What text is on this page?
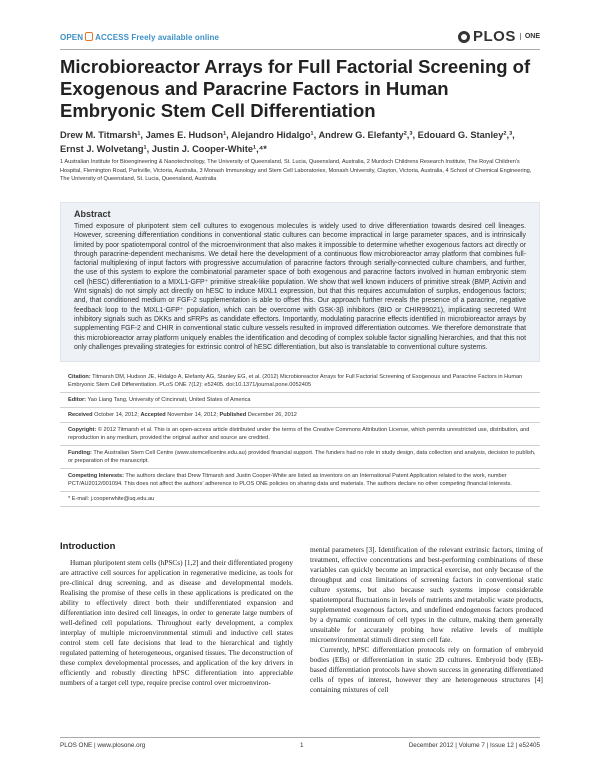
OPEN ACCESS Freely available online	PLOS	ONE
Microbioreactor Arrays for Full Factorial Screening of Exogenous and Paracrine Factors in Human Embryonic Stem Cell Differentiation
Drew M. Titmarsh¹, James E. Hudson¹, Alejandro Hidalgo¹, Andrew G. Elefanty²,³, Edouard G. Stanley²,³,
Ernst J. Wolvetang¹, Justin J. Cooper-White¹,⁴*
1 Australian Institute for Bioengineering & Nanotechnology, The University of Queensland, St. Lucia, Queensland, Australia, 2 Murdoch Childrens Research Institute, The Royal Children's Hospital, Flemington Road, Parkville, Victoria, Australia, 3 Monash Immunology and Stem Cell Laboratories, Monash University, Clayton, Victoria, Australia, 4 School of Chemical Engineering, The University of Queensland, St. Lucia, Queensland, Australia
Abstract

Timed exposure of pluripotent stem cell cultures to exogenous molecules is widely used to drive differentiation towards desired cell lineages. However, screening differentiation conditions in conventional static cultures can become impractical in large parameter spaces, and is intrinsically limited by poor spatiotemporal control of the microenvironment that also makes it impossible to determine whether exogenous factors act directly or through paracrine-dependent mechanisms. We detail here the development of a continuous flow microbioreactor array platform that combines full-factorial multiplexing of input factors with progressive accumulation of paracrine factors through serially-connected culture chambers, and further, the use of this system to explore the combinatorial parameter space of both exogenous and paracrine factors involved in human embryonic stem cell (hESC) differentiation to a MIXL1-GFP⁺ primitive streak-like population. We show that well known inducers of primitive streak (BMP, Activin and Wnt signals) do not simply act directly on hESC to induce MIXL1 expression, but that this requires accumulation of surplus, endogenous factors; and, that conditioned medium or FGF-2 supplementation is able to offset this. Our approach further reveals the presence of a paracrine, negative feedback loop to the MIXL1-GFP⁺ population, which can be overcome with GSK-3β inhibitors (BIO or CHIR99021), implicating secreted Wnt inhibitory signals such as DKKs and sFRPs as candidate effectors. Importantly, modulating paracrine effects identified in microbioreactor arrays by supplementing FGF-2 and CHIR in conventional static culture vessels resulted in improved differentiation outcomes. We therefore demonstrate that this microbioreactor array platform uniquely enables the identification and decoding of complex soluble factor signalling hierarchies, and that this not only challenges prevailing strategies for extrinsic control of hESC differentiation, but also is translatable to conventional culture systems.

Citation: Titmarsh DM, Hudson JE, Hidalgo A, Elefanty AG, Stanley EG, et al. (2012) Microbioreactor Arrays for Full Factorial Screening of Exogenous and Paracrine Factors in Human Embryonic Stem Cell Differentiation. PLoS ONE 7(12): e52405. doi:10.1371/journal.pone.0052405
Editor: Yao Liang Tang, University of Cincinnati, United States of America
Received October 14, 2012; Accepted November 14, 2012; Published December 26, 2012
Copyright: © 2012 Titmarsh et al. This is an open-access article distributed under the terms of the Creative Commons Attribution License, which permits unrestricted use, distribution, and reproduction in any medium, provided the original author and source are credited.
Funding: The Australian Stem Cell Centre (www.stemcellcentre.edu.au) provided financial support. The funders had no role in study design, data collection and analysis, decision to publish, or preparation of the manuscript.
Competing Interests: The authors declare that Drew Titmarsh and Justin Cooper-White are listed as inventors on an International Patent Application related to the work, number PCT/AU2012/001094. This does not affect the authors' adherence to PLOS ONE policies on sharing data and materials. The authors declare no other competing financial interests.
* E-mail: j.cooperwhite@uq.edu.au
Introduction

Human pluripotent stem cells (hPSCs) [1,2] and their differentiated progeny are attractive cell sources for application in regenerative medicine, as tools for pre-clinical drug screening, and as disease and developmental models. Realising the promise of these cells in these applications is predicated on the ability to effectively direct both their undifferentiated expansion and differentiation into desired cell lineages, in order to generate large numbers of well-defined cell populations. Throughout early development, a complex interplay of multiple microenvironmental stimuli and inductive cell states control stem cell fate decisions that lead to the hierarchical and tightly regulated patterning of heterogeneous, organised tissues. The deconstruction of these complex developmental processes, and application of the key drivers in efficiently and robustly directing hPSC differentiation into appreciable numbers of a target cell type, require precise control over microenviron-

mental parameters [3]. Identification of the relevant extrinsic factors, timing of treatment, effective concentrations and best-performing combinations of these variables can quickly become an impractical exercise, not only because of the throughput and cost limitations of screening factors in conventional static culture systems, but also because such systems impose considerable spatiotemporal fluctuations in levels of nutrients and metabolic waste products, supplemented exogenous factors, and undefined endogenous factors produced by a dynamic continuum of cell types in the culture, making them generally unsuitable for accurately probing how relative levels of multiple microenvironmental stimuli direct stem cell fate.

Currently, hPSC differentiation protocols rely on formation of embryoid bodies (EBs) or differentiation in static 2D cultures. Embryoid body (EB)-based differentiation protocols have shown success in generating differentiated cells of types of interest, however they are heterogeneous structures [4] containing mixtures of cell

PLOS ONE | www.plosone.org	1	December 2012 | Volume 7 | Issue 12 | e52405
